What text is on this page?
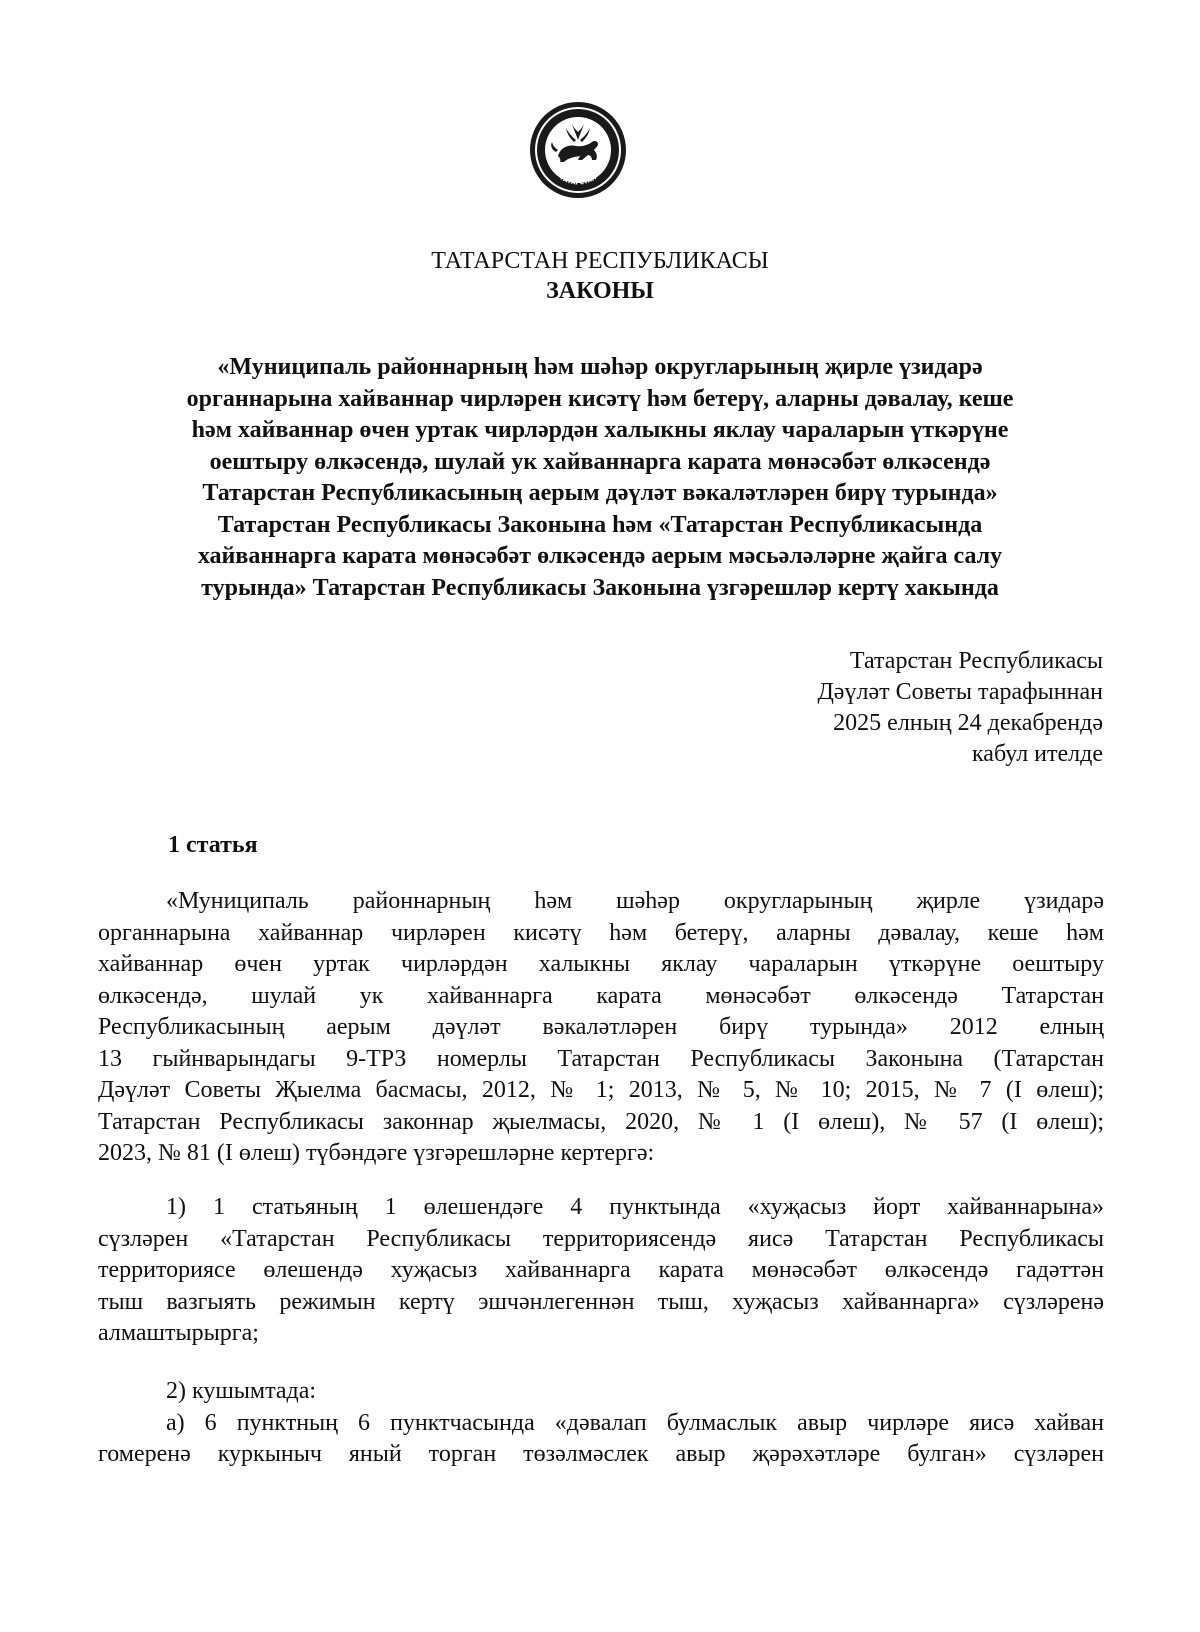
ТАТАРСТАН
ТАТАРСТАН РЕСПУБЛИКАСЫ
ЗАКОНЫ
«Муниципаль районнарның һәм шәһәр округларының җирле үзидарә
органнарына хайваннар чирләрен кисәтү һәм бетерү, аларны дәвалау, кеше
һәм хайваннар өчен уртак чирләрдән халыкны яклау чараларын үткәрүне
оештыру өлкәсендә, шулай ук хайваннарга карата мөнәсәбәт өлкәсендә
Татарстан Республикасының аерым дәүләт вәкаләтләрен бирү турында»
Татарстан Республикасы Законына һәм «Татарстан Республикасында
хайваннарга карата мөнәсәбәт өлкәсендә аерым мәсьәләләрне җайга салу
турында» Татарстан Республикасы Законына үзгәрешләр кертү хакында
Татарстан Республикасы
Дәүләт Советы тарафыннан
2025 елның 24 декабрендә
кабул ителде
1 статья
«Муниципаль районнарның һәм шәһәр округларының җирле үзидарә
органнарына хайваннар чирләрен кисәтү һәм бетерү, аларны дәвалау, кеше һәм
хайваннар өчен уртак чирләрдән халыкны яклау чараларын үткәрүне оештыру
өлкәсендә, шулай ук хайваннарга карата мөнәсәбәт өлкәсендә Татарстан
Республикасының аерым дәүләт вәкаләтләрен бирү турында» 2012 елның
13 гыйнварындагы 9-ТРЗ номерлы Татарстан Республикасы Законына (Татарстан
Дәүләт Советы Җыелма басмасы, 2012, № 1; 2013, № 5, № 10; 2015, № 7 (I өлеш);
Татарстан Республикасы законнар җыелмасы, 2020, № 1 (I өлеш), № 57 (I өлеш);
2023, № 81 (I өлеш) түбәндәге үзгәрешләрне кертергә:
1) 1 статьяның 1 өлешендәге 4 пунктында «хуҗасыз йорт хайваннарына»
сүзләрен «Татарстан Республикасы территориясендә яисә Татарстан Республикасы
территориясе өлешендә хуҗасыз хайваннарга карата мөнәсәбәт өлкәсендә гадәттән
тыш вазгыять режимын кертү эшчәнлегеннән тыш, хуҗасыз хайваннарга» сүзләренә
алмаштырырга;
2) кушымтада:
а) 6 пунктның 6 пунктчасында «дәвалап булмаслык авыр чирләре яисә хайван
гомеренә куркыныч яный торган төзәлмәслек авыр җәрәхәтләре булган» сүзләрен
